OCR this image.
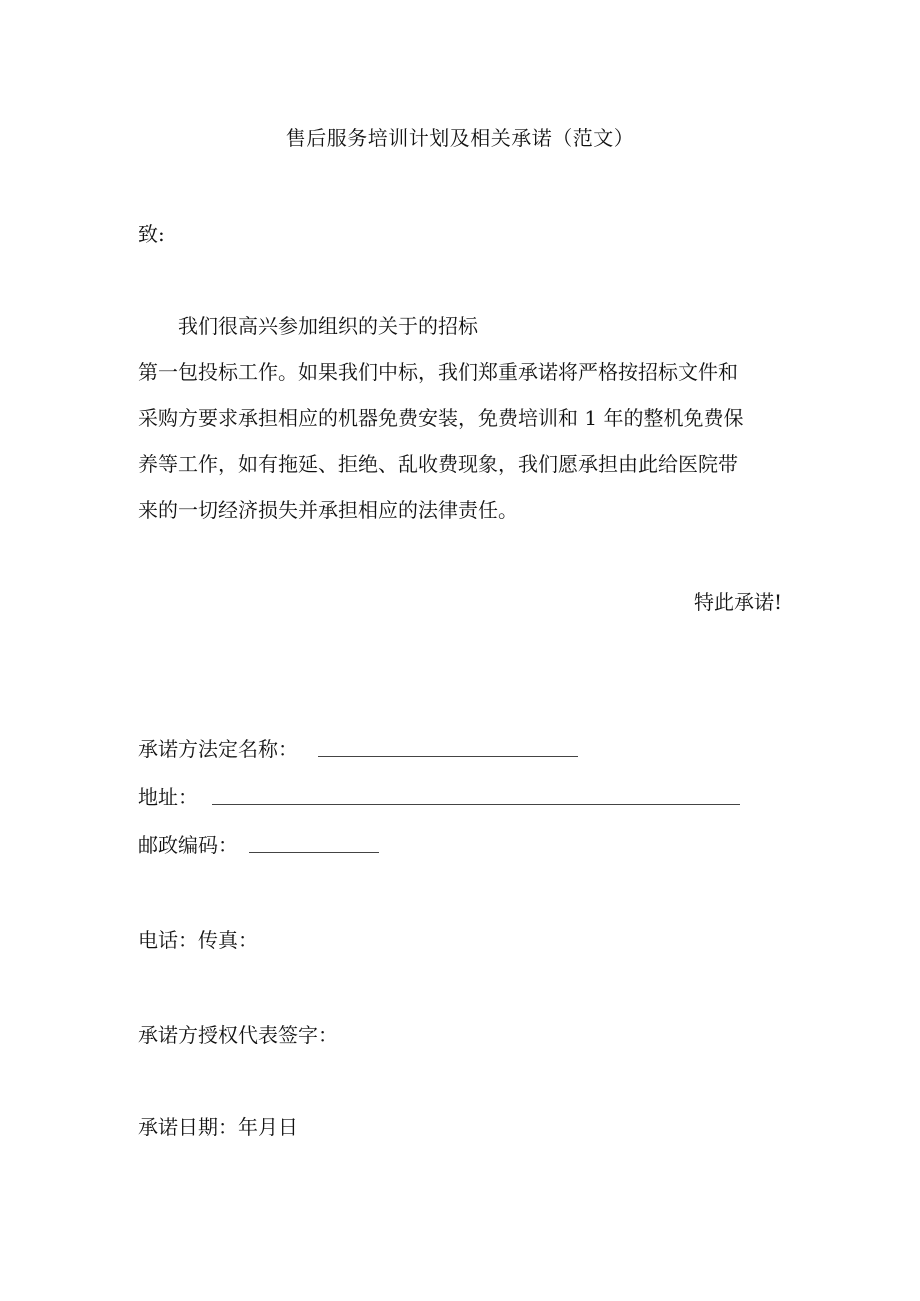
售后服务培训计划及相关承诺（范文）
致:
我们很高兴参加组织的关于的招标
第一包投标工作。如果我们中标，我们郑重承诺将严格按招标文件和
采购方要求承担相应的机器免费安装，免费培训和 1 年的整机免费保
养等工作，如有拖延、拒绝、乱收费现象，我们愿承担由此给医院带
来的一切经济损失并承担相应的法律责任。
特此承诺!
承诺方法定名称：
地址：
邮政编码：
电话：传真：
承诺方授权代表签字：
承诺日期：年月日
